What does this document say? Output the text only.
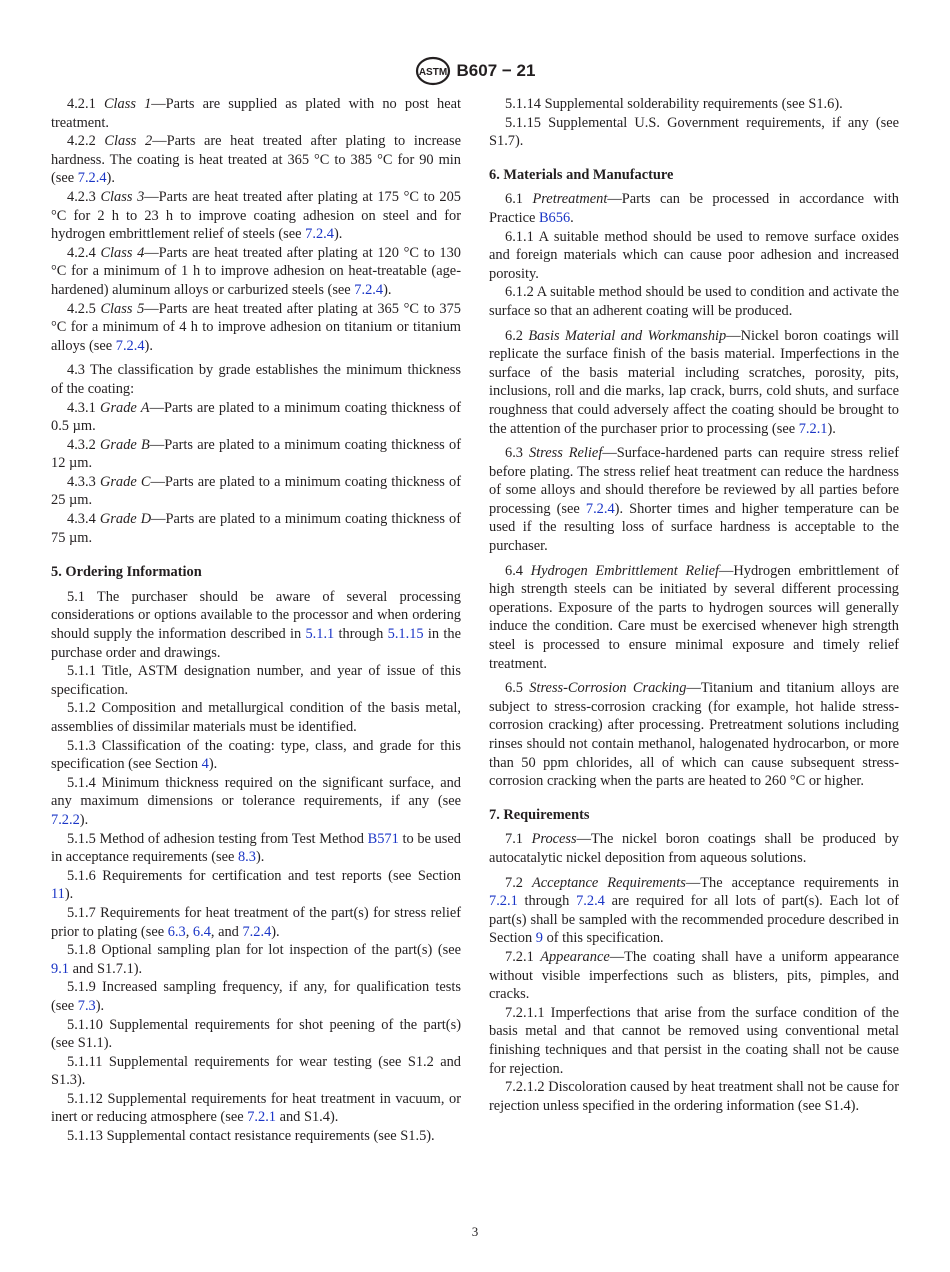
ASTM B607 − 21

4.2.1 Class 1—Parts are supplied as plated with no post heat treatment.

4.2.2 Class 2—Parts are heat treated after plating to increase hardness. The coating is heat treated at 365 °C to 385 °C for 90 min (see 7.2.4).

4.2.3 Class 3—Parts are heat treated after plating at 175 °C to 205 °C for 2 h to 23 h to improve coating adhesion on steel and for hydrogen embrittlement relief of steels (see 7.2.4).

4.2.4 Class 4—Parts are heat treated after plating at 120 °C to 130 °C for a minimum of 1 h to improve adhesion on heat-treatable (age-hardened) aluminum alloys or carburized steels (see 7.2.4).

4.2.5 Class 5—Parts are heat treated after plating at 365 °C to 375 °C for a minimum of 4 h to improve adhesion on titanium or titanium alloys (see 7.2.4).

4.3 The classification by grade establishes the minimum thickness of the coating:

4.3.1 Grade A—Parts are plated to a minimum coating thickness of 0.5 µm.

4.3.2 Grade B—Parts are plated to a minimum coating thickness of 12 µm.

4.3.3 Grade C—Parts are plated to a minimum coating thickness of 25 µm.

4.3.4 Grade D—Parts are plated to a minimum coating thickness of 75 µm.

5. Ordering Information

5.1 The purchaser should be aware of several processing considerations or options available to the processor and when ordering should supply the information described in 5.1.1 through 5.1.15 in the purchase order and drawings.

5.1.1 Title, ASTM designation number, and year of issue of this specification.

5.1.2 Composition and metallurgical condition of the basis metal, assemblies of dissimilar materials must be identified.

5.1.3 Classification of the coating: type, class, and grade for this specification (see Section 4).

5.1.4 Minimum thickness required on the significant surface, and any maximum dimensions or tolerance requirements, if any (see 7.2.2).

5.1.5 Method of adhesion testing from Test Method B571 to be used in acceptance requirements (see 8.3).

5.1.6 Requirements for certification and test reports (see Section 11).

5.1.7 Requirements for heat treatment of the part(s) for stress relief prior to plating (see 6.3, 6.4, and 7.2.4).

5.1.8 Optional sampling plan for lot inspection of the part(s) (see 9.1 and S1.7.1).

5.1.9 Increased sampling frequency, if any, for qualification tests (see 7.3).

5.1.10 Supplemental requirements for shot peening of the part(s) (see S1.1).

5.1.11 Supplemental requirements for wear testing (see S1.2 and S1.3).

5.1.12 Supplemental requirements for heat treatment in vacuum, or inert or reducing atmosphere (see 7.2.1 and S1.4).

5.1.13 Supplemental contact resistance requirements (see S1.5).

5.1.14 Supplemental solderability requirements (see S1.6).

5.1.15 Supplemental U.S. Government requirements, if any (see S1.7).

6. Materials and Manufacture

6.1 Pretreatment—Parts can be processed in accordance with Practice B656.

6.1.1 A suitable method should be used to remove surface oxides and foreign materials which can cause poor adhesion and increased porosity.

6.1.2 A suitable method should be used to condition and activate the surface so that an adherent coating will be produced.

6.2 Basis Material and Workmanship—Nickel boron coatings will replicate the surface finish of the basis material. Imperfections in the surface of the basis material including scratches, porosity, pits, inclusions, roll and die marks, lap crack, burrs, cold shuts, and surface roughness that could adversely affect the coating should be brought to the attention of the purchaser prior to processing (see 7.2.1).

6.3 Stress Relief—Surface-hardened parts can require stress relief before plating. The stress relief heat treatment can reduce the hardness of some alloys and should therefore be reviewed by all parties before processing (see 7.2.4). Shorter times and higher temperature can be used if the resulting loss of surface hardness is acceptable to the purchaser.

6.4 Hydrogen Embrittlement Relief—Hydrogen embrittlement of high strength steels can be initiated by several different processing operations. Exposure of the parts to hydrogen sources will generally induce the condition. Care must be exercised whenever high strength steel is processed to ensure minimal exposure and timely relief treatment.

6.5 Stress-Corrosion Cracking—Titanium and titanium alloys are subject to stress-corrosion cracking (for example, hot halide stress-corrosion cracking) after processing. Pretreatment solutions including rinses should not contain methanol, halogenated hydrocarbon, or more than 50 ppm chlorides, all of which can cause subsequent stress-corrosion cracking when the parts are heated to 260 °C or higher.

7. Requirements

7.1 Process—The nickel boron coatings shall be produced by autocatalytic nickel deposition from aqueous solutions.

7.2 Acceptance Requirements—The acceptance requirements in 7.2.1 through 7.2.4 are required for all lots of part(s). Each lot of part(s) shall be sampled with the recommended procedure described in Section 9 of this specification.

7.2.1 Appearance—The coating shall have a uniform appearance without visible imperfections such as blisters, pits, pimples, and cracks.

7.2.1.1 Imperfections that arise from the surface condition of the basis metal and that cannot be removed using conventional metal finishing techniques and that persist in the coating shall not be cause for rejection.

7.2.1.2 Discoloration caused by heat treatment shall not be cause for rejection unless specified in the ordering information (see S1.4).

3
